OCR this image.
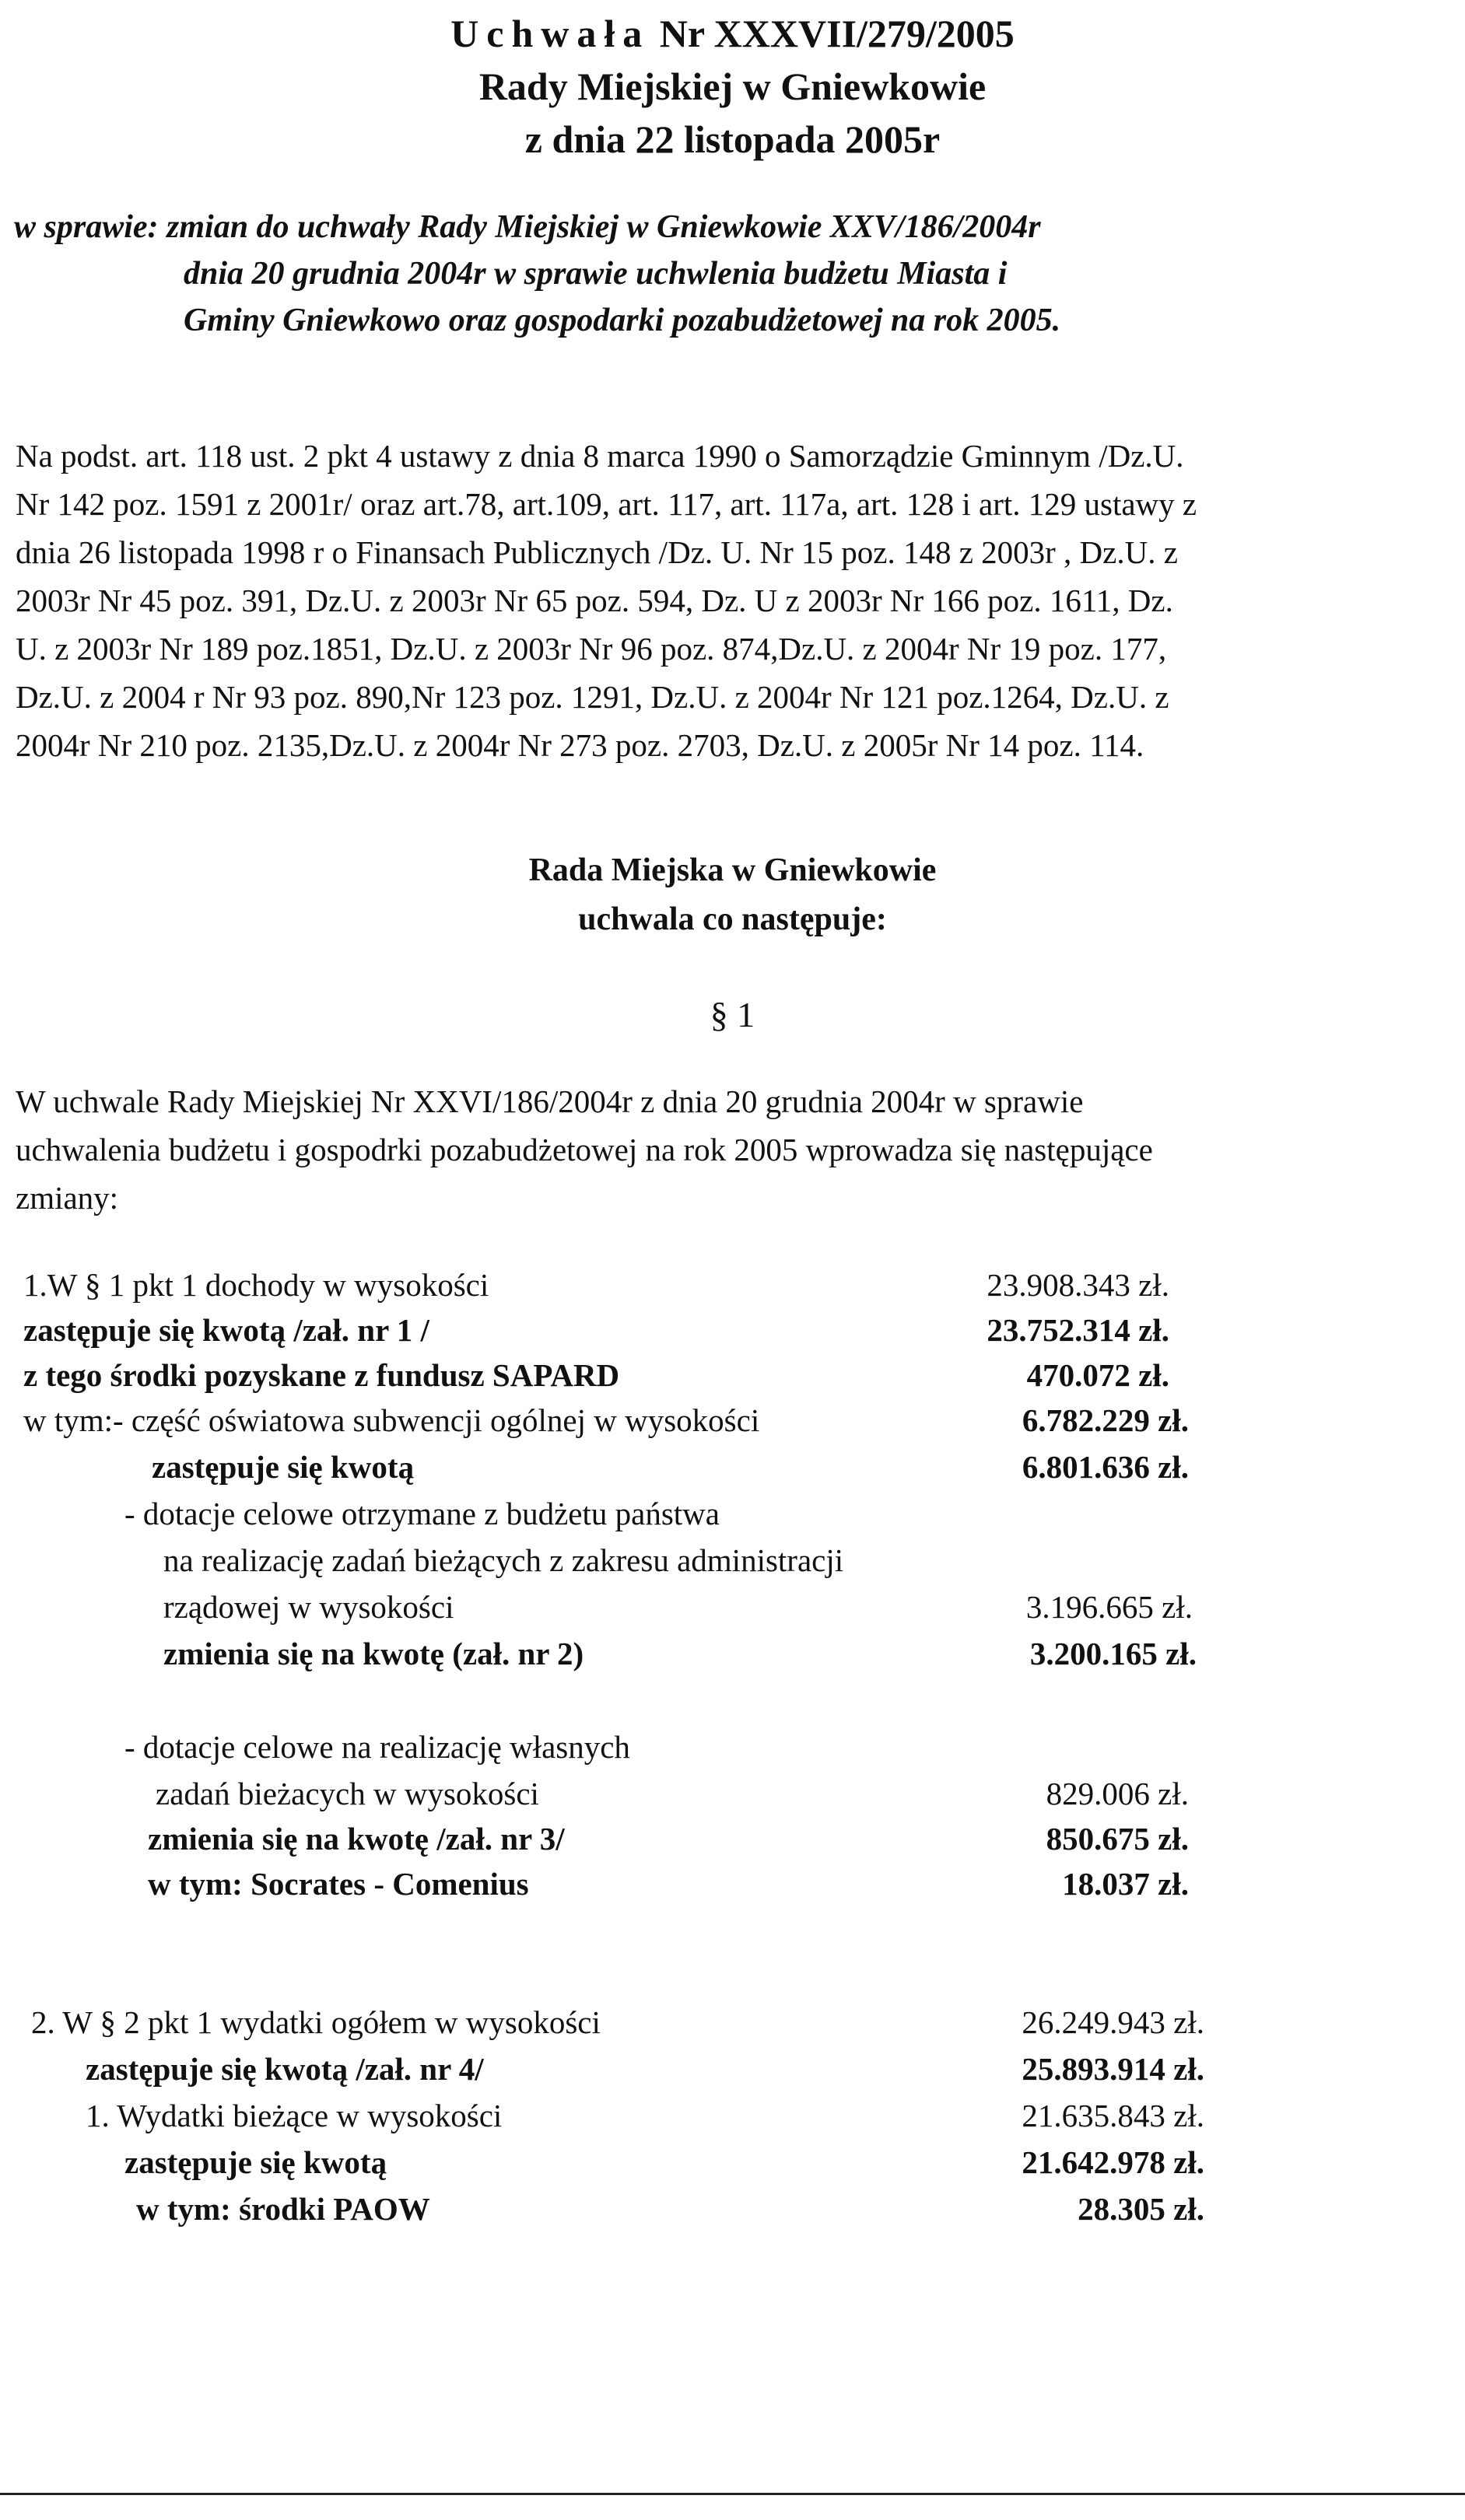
Uchwała Nr XXXVII/279/2005
Rady Miejskiej w Gniewkowie
z dnia 22 listopada 2005r
w sprawie: zmian do uchwały Rady Miejskiej w Gniewkowie XXV/186/2004r
dnia 20 grudnia 2004r w sprawie uchwlenia budżetu Miasta i
Gminy Gniewkowo oraz gospodarki pozabudżetowej na rok 2005.
Na podst. art. 118 ust. 2 pkt 4 ustawy z dnia 8 marca 1990 o Samorządzie Gminnym /Dz.U.
Nr 142 poz. 1591 z 2001r/ oraz art.78, art.109, art. 117, art. 117a, art. 128 i art. 129 ustawy z
dnia 26 listopada 1998 r o Finansach Publicznych /Dz. U. Nr 15 poz. 148 z 2003r , Dz.U. z
2003r Nr 45 poz. 391, Dz.U. z 2003r Nr 65 poz. 594, Dz. U z 2003r Nr 166 poz. 1611, Dz.
U. z 2003r Nr 189 poz.1851, Dz.U. z 2003r Nr 96 poz. 874,Dz.U. z 2004r Nr 19 poz. 177,
Dz.U. z 2004 r Nr 93 poz. 890,Nr 123 poz. 1291, Dz.U. z 2004r Nr 121 poz.1264, Dz.U. z
2004r Nr 210 poz. 2135,Dz.U. z 2004r Nr 273 poz. 2703, Dz.U. z 2005r Nr 14 poz. 114.
Rada Miejska w Gniewkowie
uchwala co następuje:
§ 1
W uchwale Rady Miejskiej Nr XXVI/186/2004r z dnia 20 grudnia 2004r w sprawie
uchwalenia budżetu i gospodrki pozabudżetowej na rok 2005 wprowadza się następujące
zmiany:
1.W § 1 pkt 1 dochody w wysokości	23.908.343 zł.
zastępuje się kwotą /zał. nr 1 /	23.752.314 zł.
z tego środki pozyskane z fundusz SAPARD	470.072 zł.
w tym:- część oświatowa subwencji ogólnej w wysokości	6.782.229 zł.
zastępuje się kwotą	6.801.636 zł.
- dotacje celowe otrzymane z budżetu państwa
na realizację zadań bieżących z zakresu administracji
rządowej w wysokości	3.196.665 zł.
zmienia się na kwotę (zał. nr 2)	3.200.165 zł.
- dotacje celowe na realizację własnych
zadań bieżacych w wysokości	829.006 zł.
zmienia się na kwotę /zał. nr 3/	850.675 zł.
w tym: Socrates - Comenius	18.037 zł.
2. W § 2 pkt 1 wydatki ogółem w wysokości	26.249.943 zł.
zastępuje się kwotą /zał. nr 4/	25.893.914 zł.
1. Wydatki bieżące w wysokości	21.635.843 zł.
zastępuje się kwotą	21.642.978 zł.
w tym: środki PAOW	28.305 zł.
